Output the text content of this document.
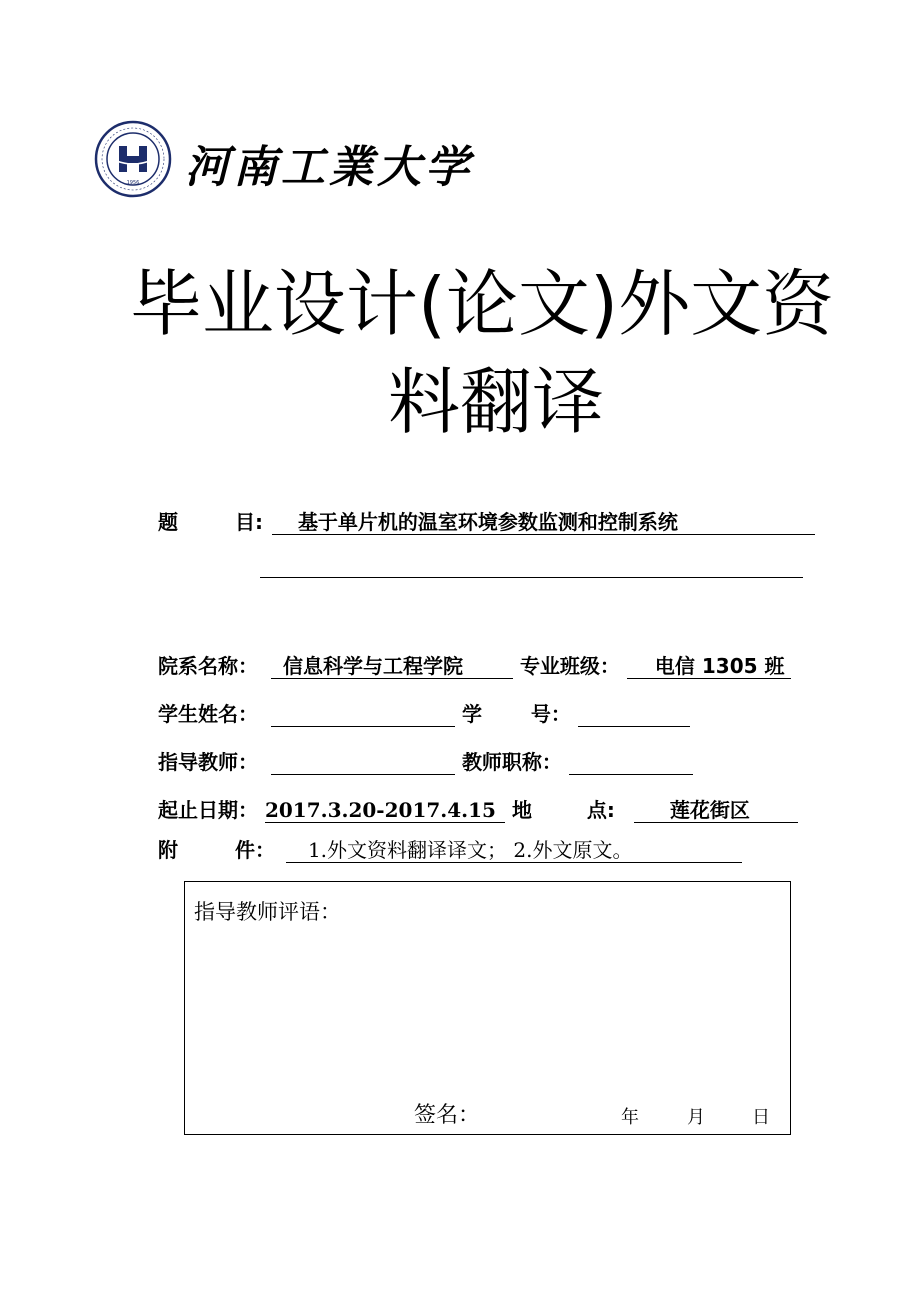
1956 河南工業大学
毕业设计(论文)外文资
料翻译
题	目: 基于单片机的温室环境参数监测和控制系统
院系名称： 信息科学与工程学院	专业班级： 电信 1305 班
学生姓名：	学 号：
指导教师：	教师职称：
起止日期： 2017.3.20-2017.4.15 地	点:	莲花街区
附	件： 1.外文资料翻译译文； 2.外文原文。
指导教师评语：
签名：	年	月	日
